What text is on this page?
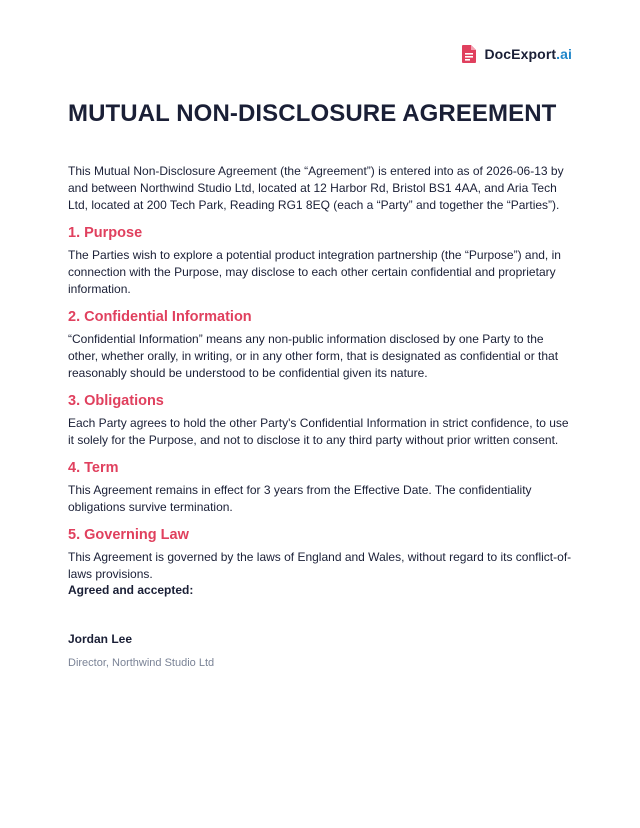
DocExport.ai
MUTUAL NON-DISCLOSURE AGREEMENT

This Mutual Non-Disclosure Agreement (the “Agreement”) is entered into as of 2026-06-13 by and between Northwind Studio Ltd, located at 12 Harbor Rd, Bristol BS1 4AA, and Aria Tech Ltd, located at 200 Tech Park, Reading RG1 8EQ (each a “Party” and together the “Parties”).

1. Purpose

The Parties wish to explore a potential product integration partnership (the “Purpose”) and, in connection with the Purpose, may disclose to each other certain confidential and proprietary information.

2. Confidential Information

“Confidential Information” means any non-public information disclosed by one Party to the other, whether orally, in writing, or in any other form, that is designated as confidential or that reasonably should be understood to be confidential given its nature.

3. Obligations

Each Party agrees to hold the other Party's Confidential Information in strict confidence, to use it solely for the Purpose, and not to disclose it to any third party without prior written consent.

4. Term

This Agreement remains in effect for 3 years from the Effective Date. The confidentiality obligations survive termination.

5. Governing Law

This Agreement is governed by the laws of England and Wales, without regard to its conflict-of-laws provisions.

Agreed and accepted:

Jordan Lee

Director, Northwind Studio Ltd
